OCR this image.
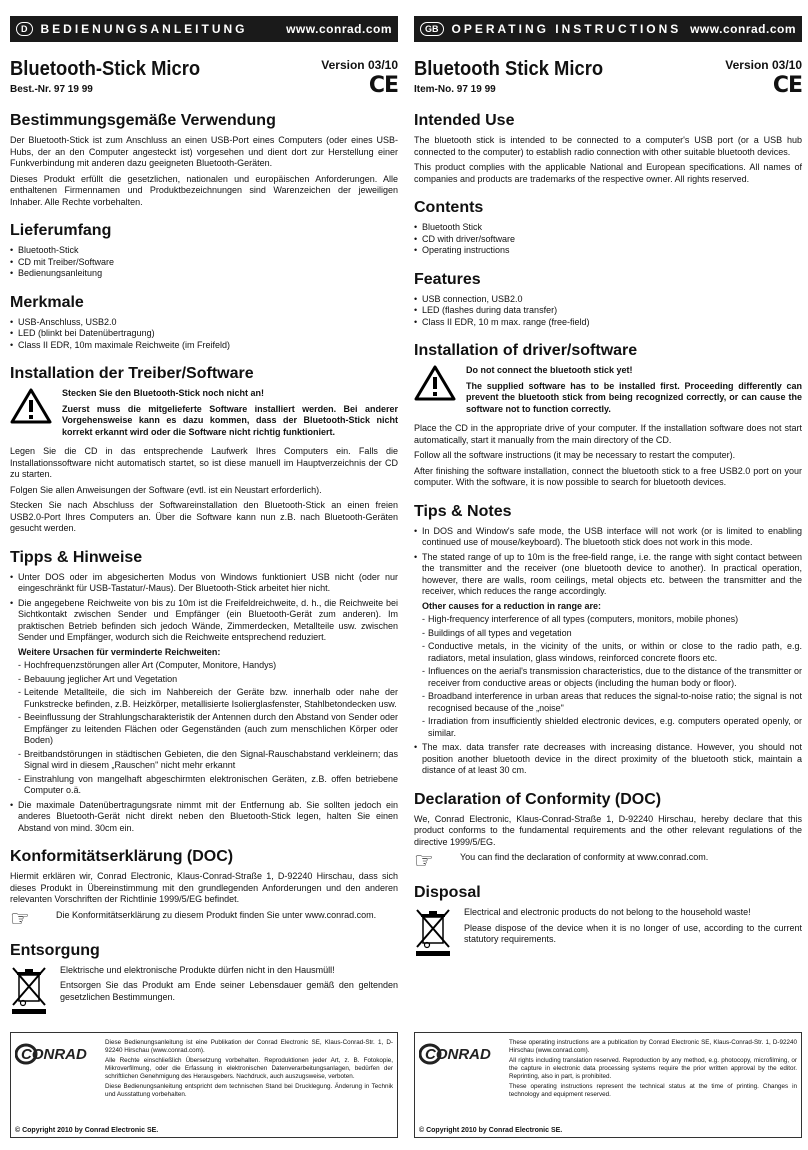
D	BEDIENUNGSANLEITUNG	www.conrad.com
Bluetooth-Stick Micro
Best.-Nr. 97 19 99
Version 03/10
CE
Bestimmungsgemäße Verwendung

Der Bluetooth-Stick ist zum Anschluss an einen USB-Port eines Computers (oder eines USB-Hubs, der an den Computer angesteckt ist) vorgesehen und dient dort zur Herstellung einer Funkverbindung mit anderen dazu geeigneten Bluetooth-Geräten.

Dieses Produkt erfüllt die gesetzlichen, nationalen und europäischen Anforderungen. Alle enthaltenen Firmennamen und Produktbezeichnungen sind Warenzeichen der jeweiligen Inhaber. Alle Rechte vorbehalten.

Lieferumfang
• Bluetooth-Stick
• CD mit Treiber/Software
• Bedienungsanleitung
Merkmale
• USB-Anschluss, USB2.0
• LED (blinkt bei Datenübertragung)
• Class II EDR, 10m maximale Reichweite (im Freifeld)
Installation der Treiber/Software

Stecken Sie den Bluetooth-Stick noch nicht an!

Zuerst muss die mitgelieferte Software installiert werden. Bei anderer Vorgehensweise kann es dazu kommen, dass der Bluetooth-Stick nicht korrekt erkannt wird oder die Software nicht richtig funktioniert.

Legen Sie die CD in das entsprechende Laufwerk Ihres Computers ein. Falls die Installationssoftware nicht automatisch startet, so ist diese manuell im Hauptverzeichnis der CD zu starten.

Folgen Sie allen Anweisungen der Software (evtl. ist ein Neustart erforderlich).

Stecken Sie nach Abschluss der Softwareinstallation den Bluetooth-Stick an einen freien USB2.0-Port Ihres Computers an. Über die Software kann nun z.B. nach Bluetooth-Geräten gesucht werden.

Tipps & Hinweise
• Unter DOS oder im abgesicherten Modus von Windows funktioniert USB nicht (oder nur eingeschränkt für USB-Tastatur/-Maus). Der Bluetooth-Stick arbeitet hier nicht.
• Die angegebene Reichweite von bis zu 10m ist die Freifeldreichweite, d. h., die Reichweite bei Sichtkontakt zwischen Sender und Empfänger (ein Bluetooth-Gerät zum anderen). Im praktischen Betrieb befinden sich jedoch Wände, Zimmerdecken, Metallteile usw. zwischen Sender und Empfänger, wodurch sich die Reichweite entsprechend reduziert.
Weitere Ursachen für verminderte Reichweiten:
- Hochfrequenzstörungen aller Art (Computer, Monitore, Handys)
- Bebauung jeglicher Art und Vegetation
- Leitende Metallteile, die sich im Nahbereich der Geräte bzw. innerhalb oder nahe der Funkstrecke befinden, z.B. Heizkörper, metallisierte Isolierglasfenster, Stahlbetondecken usw.
- Beeinflussung der Strahlungscharakteristik der Antennen durch den Abstand von Sender oder Empfänger zu leitenden Flächen oder Gegenständen (auch zum menschlichen Körper oder Boden)
- Breitbandstörungen in städtischen Gebieten, die den Signal-Rauschabstand verkleinern; das Signal wird in diesem „Rauschen" nicht mehr erkannt
- Einstrahlung von mangelhaft abgeschirmten elektronischen Geräten, z.B. offen betriebene Computer o.ä.
• Die maximale Datenübertragungsrate nimmt mit der Entfernung ab. Sie sollten jedoch ein anderes Bluetooth-Gerät nicht direkt neben den Bluetooth-Stick legen, halten Sie einen Abstand von mind. 30cm ein.
Konformitätserklärung (DOC)

Hiermit erklären wir, Conrad Electronic, Klaus-Conrad-Straße 1, D-92240 Hirschau, dass sich dieses Produkt in Übereinstimmung mit den grundlegenden Anforderungen und den anderen relevanten Vorschriften der Richtlinie 1999/5/EG befindet.

☞	Die Konformitätserklärung zu diesem Produkt finden Sie unter www.conrad.com.

Entsorgung

Elektrische und elektronische Produkte dürfen nicht in den Hausmüll!

Entsorgen Sie das Produkt am Ende seiner Lebensdauer gemäß den geltenden gesetzlichen Bestimmungen.

GB	OPERATING INSTRUCTIONS www.conrad.com
Bluetooth Stick Micro
Item-No. 97 19 99
Version 03/10
CE
Intended Use

The bluetooth stick is intended to be connected to a computer's USB port (or a USB hub connected to the computer) to establish radio connection with other suitable bluetooth devices.

This product complies with the applicable National and European specifications. All names of companies and products are trademarks of the respective owner. All rights reserved.

Contents
• Bluetooth Stick
• CD with driver/software
• Operating instructions
Features
• USB connection, USB2.0
• LED (flashes during data transfer)
• Class II EDR, 10 m max. range (free-field)
Installation of driver/software

Do not connect the bluetooth stick yet!

The supplied software has to be installed first. Proceeding differently can prevent the bluetooth stick from being recognized correctly, or can cause the software not to function correctly.

Place the CD in the appropriate drive of your computer. If the installation software does not start automatically, start it manually from the main directory of the CD.

Follow all the software instructions (it may be necessary to restart the computer).

After finishing the software installation, connect the bluetooth stick to a free USB2.0 port on your computer. With the software, it is now possible to search for bluetooth devices.

Tips & Notes
• In DOS and Window's safe mode, the USB interface will not work (or is limited to enabling continued use of mouse/keyboard). The bluetooth stick does not work in this mode.
• The stated range of up to 10m is the free-field range, i.e. the range with sight contact between the transmitter and the receiver (one bluetooth device to another). In practical operation, however, there are walls, room ceilings, metal objects etc. between the transmitter and the receiver, which reduces the range accordingly.
Other causes for a reduction in range are:
- High-frequency interference of all types (computers, monitors, mobile phones)
- Buildings of all types and vegetation
- Conductive metals, in the vicinity of the units, or within or close to the radio path, e.g. radiators, metal insulation, glass windows, reinforced concrete floors etc.
- Influences on the aerial's transmission characteristics, due to the distance of the transmitter or receiver from conductive areas or objects (including the human body or floor).
- Broadband interference in urban areas that reduces the signal-to-noise ratio; the signal is not recognised because of the „noise"
- Irradiation from insufficiently shielded electronic devices, e.g. computers operated openly, or similar.
• The max. data transfer rate decreases with increasing distance. However, you should not position another bluetooth device in the direct proximity of the bluetooth stick, maintain a distance of at least 30 cm.
Declaration of Conformity (DOC)

We, Conrad Electronic, Klaus-Conrad-Straße 1, D-92240 Hirschau, hereby declare that this product conforms to the fundamental requirements and the other relevant regulations of the directive 1999/5/EG.

☞	You can find the declaration of conformity at www.conrad.com.

Disposal

Electrical and electronic products do not belong to the household waste!

Please dispose of the device when it is no longer of use, according to the current statutory requirements.

CONRAD

Diese Bedienungsanleitung ist eine Publikation der Conrad Electronic SE, Klaus-Conrad-Str. 1, D-92240 Hirschau (www.conrad.com).

Alle Rechte einschließlich Übersetzung vorbehalten. Reproduktionen jeder Art, z. B. Fotokopie, Mikroverfilmung, oder die Erfassung in elektronischen Datenverarbeitungsanlagen, bedürfen der schriftlichen Genehmigung des Herausgebers. Nachdruck, auch auszugsweise, verboten.

Diese Bedienungsanleitung entspricht dem technischen Stand bei Drucklegung. Änderung in Technik und Ausstattung vorbehalten.

© Copyright 2010 by Conrad Electronic SE.
CONRAD

These operating instructions are a publication by Conrad Electronic SE, Klaus-Conrad-Str. 1, D-92240 Hirschau (www.conrad.com).

All rights including translation reserved. Reproduction by any method, e.g. photocopy, microfilming, or the capture in electronic data processing systems require the prior written approval by the editor. Reprinting, also in part, is prohibited.

These operating instructions represent the technical status at the time of printing. Changes in technology and equipment reserved.

© Copyright 2010 by Conrad Electronic SE.
